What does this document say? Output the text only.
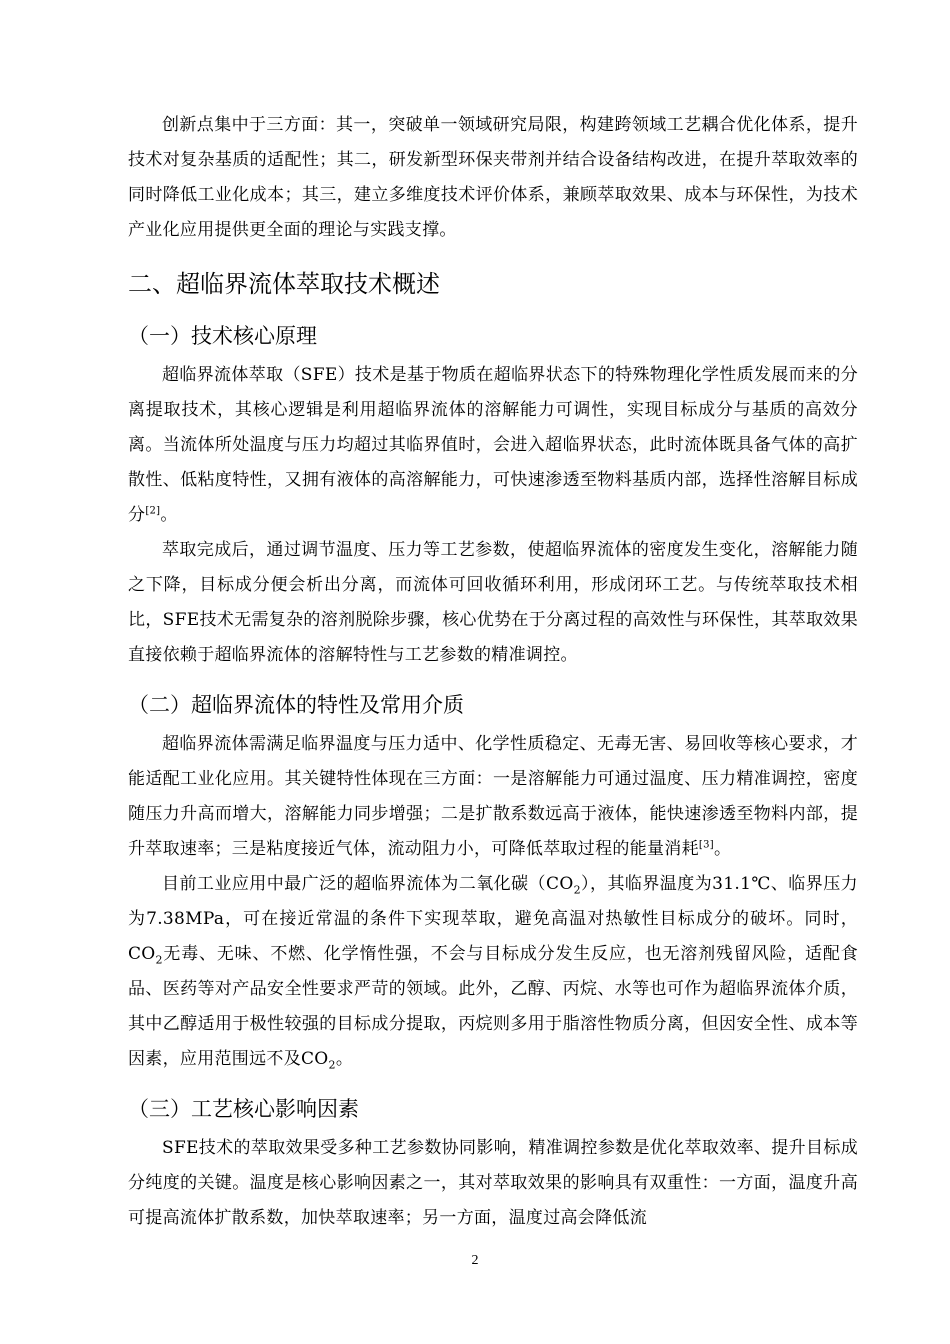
创新点集中于三方面：其一，突破单一领域研究局限，构建跨领域工艺耦合优化体系，提升技术对复杂基质的适配性；其二，研发新型环保夹带剂并结合设备结构改进，在提升萃取效率的同时降低工业化成本；其三，建立多维度技术评价体系，兼顾萃取效果、成本与环保性，为技术产业化应用提供更全面的理论与实践支撑。

二、超临界流体萃取技术概述
（一）技术核心原理

超临界流体萃取（SFE）技术是基于物质在超临界状态下的特殊物理化学性质发展而来的分离提取技术，其核心逻辑是利用超临界流体的溶解能力可调性，实现目标成分与基质的高效分离。当流体所处温度与压力均超过其临界值时，会进入超临界状态，此时流体既具备气体的高扩散性、低粘度特性，又拥有液体的高溶解能力，可快速渗透至物料基质内部，选择性溶解目标成分[2]。

萃取完成后，通过调节温度、压力等工艺参数，使超临界流体的密度发生变化，溶解能力随之下降，目标成分便会析出分离，而流体可回收循环利用，形成闭环工艺。与传统萃取技术相比，SFE技术无需复杂的溶剂脱除步骤，核心优势在于分离过程的高效性与环保性，其萃取效果直接依赖于超临界流体的溶解特性与工艺参数的精准调控。

（二）超临界流体的特性及常用介质

超临界流体需满足临界温度与压力适中、化学性质稳定、无毒无害、易回收等核心要求，才能适配工业化应用。其关键特性体现在三方面：一是溶解能力可通过温度、压力精准调控，密度随压力升高而增大，溶解能力同步增强；二是扩散系数远高于液体，能快速渗透至物料内部，提升萃取速率；三是粘度接近气体，流动阻力小，可降低萃取过程的能量消耗[3]。

目前工业应用中最广泛的超临界流体为二氧化碳$(CO_2)$，其临界温度为31.1℃、临界压力为7.38MPa，可在接近常温的条件下实现萃取，避免高温对热敏性目标成分的破坏。同时，$CO_2$无毒、无味、不燃、化学惰性强，不会与目标成分发生反应，也无溶剂残留风险，适配食品、医药等对产品安全性要求严苛的领域。此外，乙醇、丙烷、水等也可作为超临界流体介质，其中乙醇适用于极性较强的目标成分提取，丙烷则多用于脂溶性物质分离，但因安全性、成本等因素，应用范围远不及$CO_2$。

（三）工艺核心影响因素

SFE技术的萃取效果受多种工艺参数协同影响，精准调控参数是优化萃取效率、提升目标成分纯度的关键。温度是核心影响因素之一，其对萃取效果的影响具有双重性：一方面，温度升高可提高流体扩散系数，加快萃取速率；另一方面，温度过高会降低流

2
